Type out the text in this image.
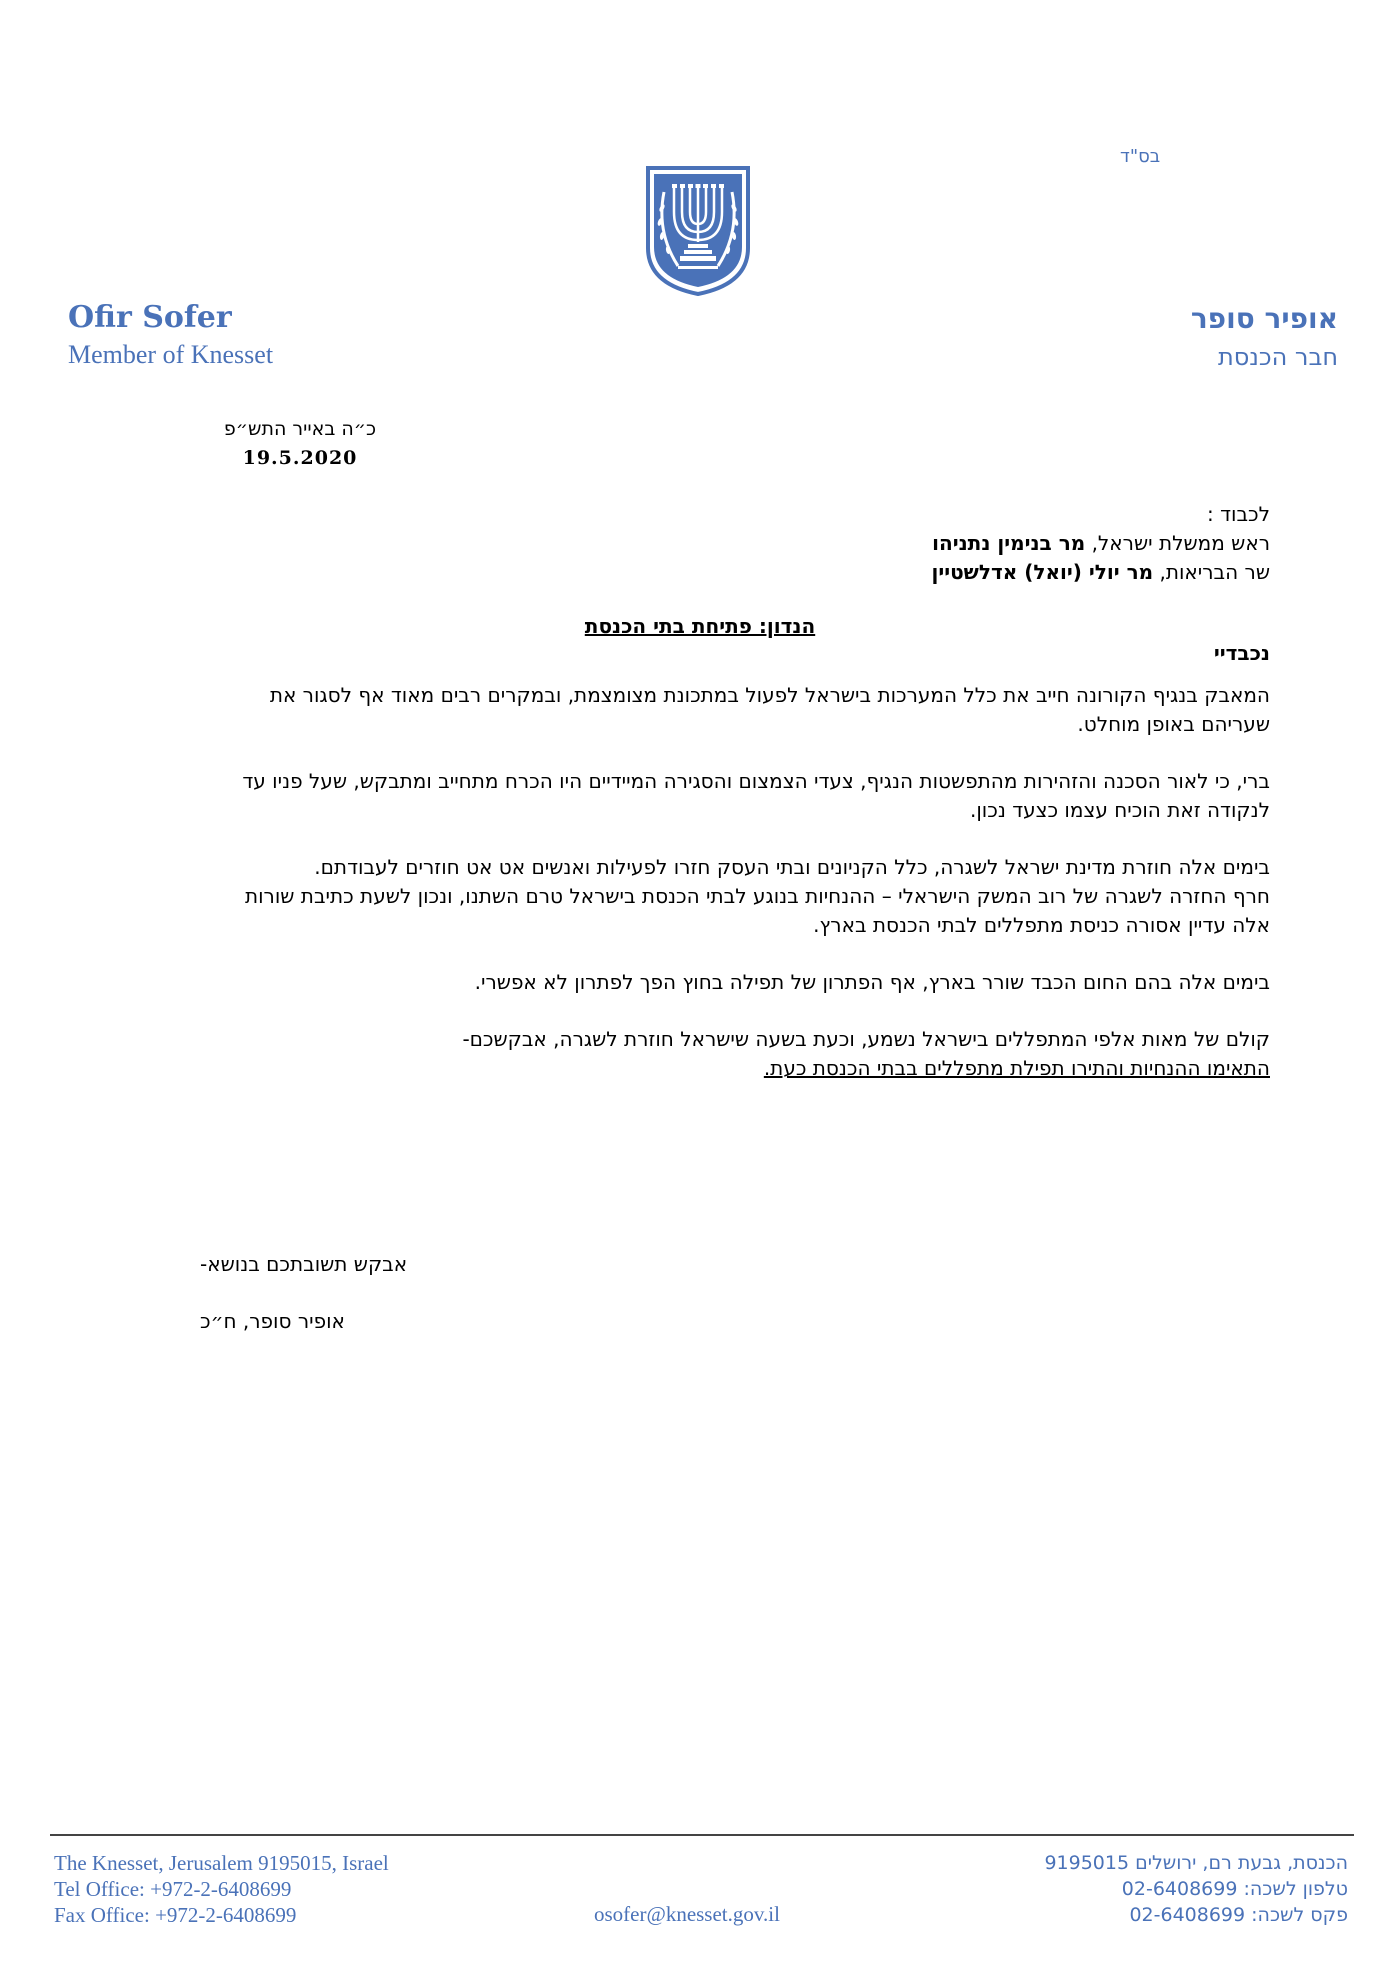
בס"ד
Ofir Sofer
Member of Knesset
אופיר סופר
חבר הכנסת
כ״ה באייר התש״פ
19.5.2020
לכבוד :
ראש ממשלת ישראל, מר בנימין נתניהו
שר הבריאות, מר יולי (יואל) אדלשטיין
הנדון: פתיחת בתי הכנסת
נכבדיי

המאבק בנגיף הקורונה חייב את כלל המערכות בישראל לפעול במתכונת מצומצמת, ובמקרים רבים מאוד אף לסגור את שעריהם באופן מוחלט.

ברי, כי לאור הסכנה והזהירות מהתפשטות הנגיף, צעדי הצמצום והסגירה המיידיים היו הכרח מתחייב ומתבקש, שעל פניו עד לנקודה זאת הוכיח עצמו כצעד נכון.

בימים אלה חוזרת מדינת ישראל לשגרה, כלל הקניונים ובתי העסק חזרו לפעילות ואנשים אט אט חוזרים לעבודתם.

חרף החזרה לשגרה של רוב המשק הישראלי – ההנחיות בנוגע לבתי הכנסת בישראל טרם השתנו, ונכון לשעת כתיבת שורות אלה עדיין אסורה כניסת מתפללים לבתי הכנסת בארץ.

בימים אלה בהם החום הכבד שורר בארץ, אף הפתרון של תפילה בחוץ הפך לפתרון לא אפשרי.

קולם של מאות אלפי המתפללים בישראל נשמע, וכעת בשעה שישראל חוזרת לשגרה, אבקשכם-

התאימו ההנחיות והתירו תפילת מתפללים בבתי הכנסת כעת.

אבקש תשובתכם בנושא-
אופיר סופר, ח״כ
The Knesset, Jerusalem 9195015, Israel
Tel Office: +972-2-6408699
Fax Office: +972-2-6408699	osofer@knesset.gov.il
הכנסת, גבעת רם, ירושלים 9195015
טלפון לשכה: 02-6408699
פקס לשכה: 02-6408699
